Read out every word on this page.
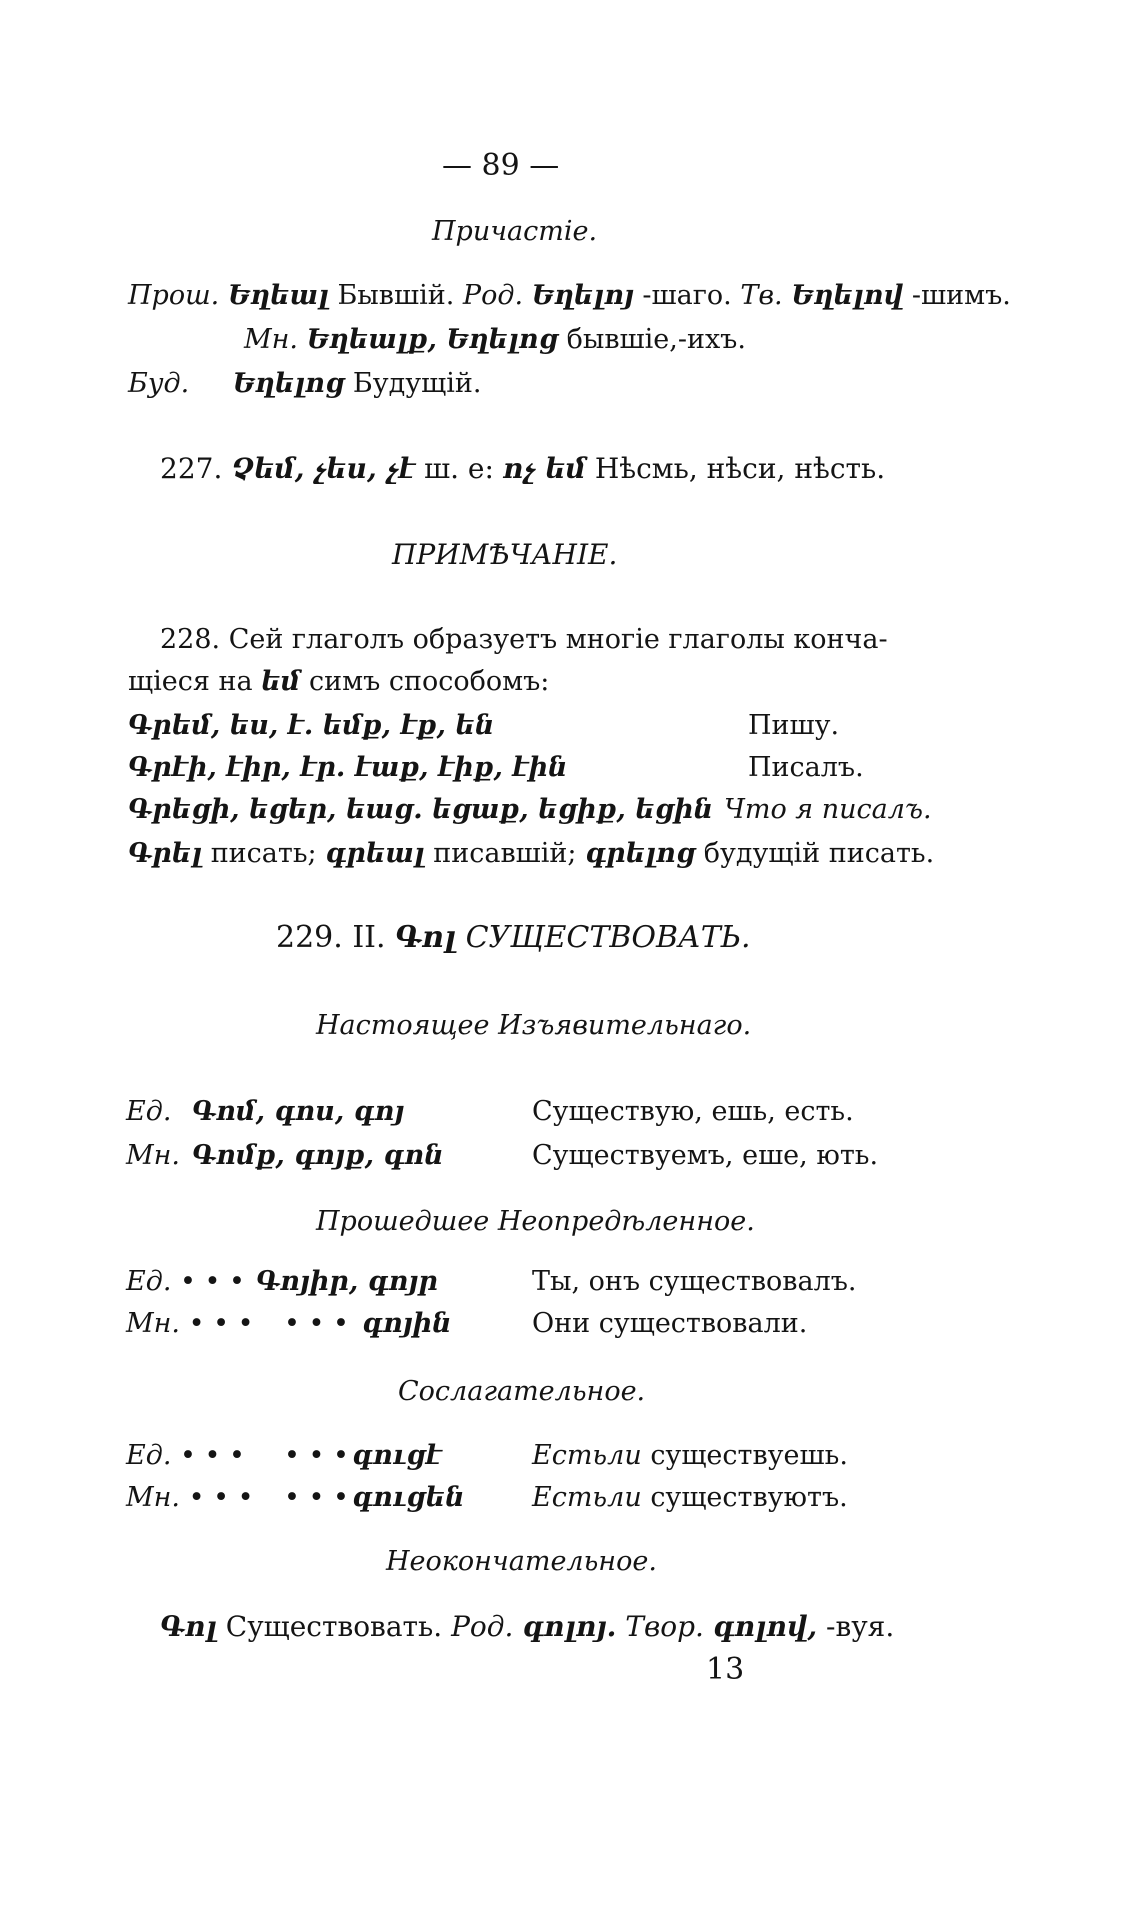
— 89 —
Причастіе.
Прош. Եղեալ Бывшій. Род. Եղելոյ -шаго. Тв. Եղելով -шимъ.
Мн. Եղեալք, Եղելոց бывшіе,-ихъ.
Буд. Եղելոց Будущій.
227. Չեմ, չես, չէ ш. е: ոչ եմ Нѣсмь, нѣси, нѣсть.
ПРИМѢЧАНІЕ.
228. Сей глаголъ образуетъ многіе глаголы конча-
щіеся на եմ симъ способомъ:
Գրեմ, ես, է. եմք, էք, են	Пишу.
Գրէի, էիր, էր. էաք, էիք, էին	Писалъ.
Գրեցի, եցեր, եաց. եցաք, եցիք, եցին Что я писалъ.
Գրել писать; գրեալ писавшій; գրելոց будущій писать.
229. II. Գոլ СУЩЕСТВОВАТЬ.
Настоящее Изъявительнаго.
Ед. Գոմ, գոս, գոյ	Существую, ешь, есть.
Мн. Գոմք, գոյք, գոն	Существуемъ, еше, ють.
Прошедшее Неопредѣленное.
Ед. • • • Գոյիր, գոյր	Ты, онъ существовалъ.
Мн. • • • • • • գոյին	Они существовали.
Сослагательное.
Ед. • • • • • • գուցէ	Естьли существуешь.
Мн. • • • • • • գուցեն Естьли существуютъ.
Неокончательное.
Գոլ Существовать. Род. գոլոյ. Твор. գոլով, -вуя.
13
